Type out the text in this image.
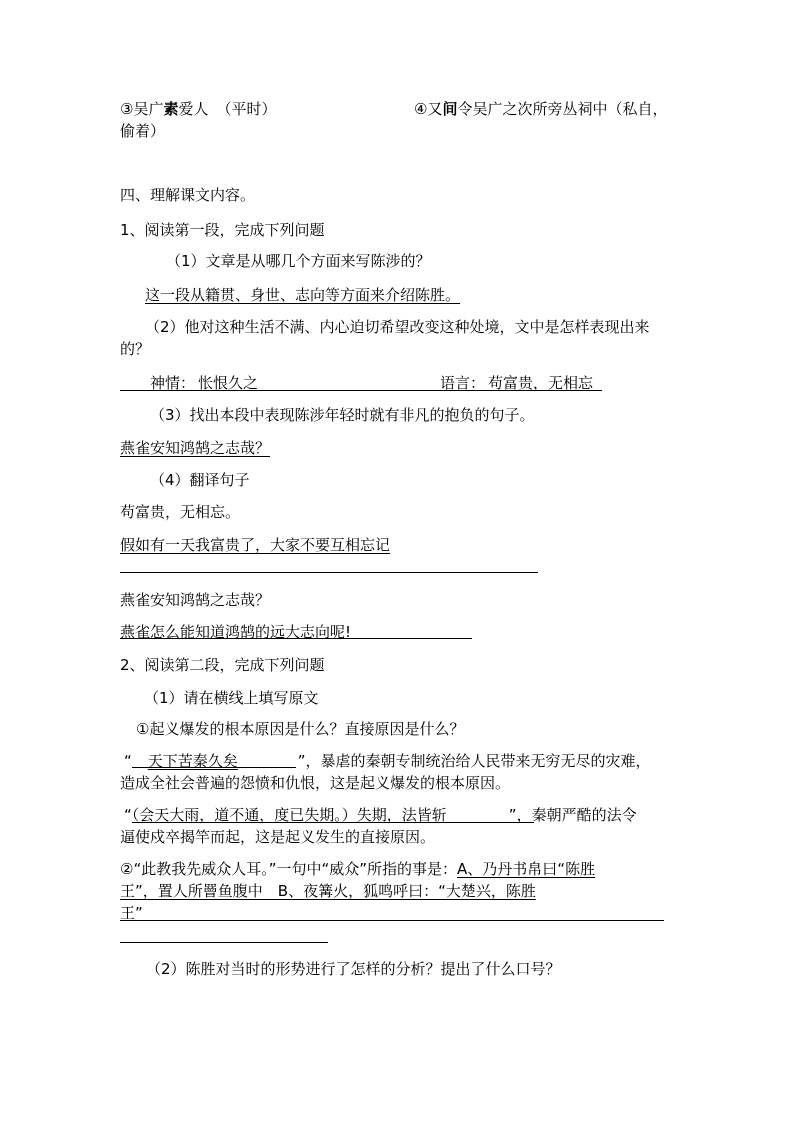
③吴广素爱人 （平时）	④又间令吴广之次所旁丛祠中（私自，
偷着）
四、理解课文内容。
1、阅读第一段，完成下列问题
（1）文章是从哪几个方面来写陈涉的？
这一段从籍贯、身世、志向等方面来介绍陈胜。
（2）他对这种生活不满、内心迫切希望改变这种处境，文中是怎样表现出来
的？
神情： 怅恨久之	语言： 苟富贵，无相忘
（3）找出本段中表现陈涉年轻时就有非凡的抱负的句子。
燕雀安知鸿鹄之志哉？
（4）翻译句子
苟富贵，无相忘。
假如有一天我富贵了，大家不要互相忘记
燕雀安知鸿鹄之志哉？
燕雀怎么能知道鸿鹄的远大志向呢!
2、阅读第二段，完成下列问题
（1）请在横线上填写原文
①起义爆发的根本原因是什么？直接原因是什么？
“ 天下苦秦久矣	”，暴虐的秦朝专制统治给人民带来无穷无尽的灾难，
造成全社会普遍的怨愤和仇恨，这是起义爆发的根本原因。
“（会天大雨，道不通，度已失期。）失期，法皆斩	”，秦朝严酷的法令
逼使戍卒揭竿而起，这是起义发生的直接原因。
②“此教我先威众人耳。”一句中“威众”所指的事是：A、乃丹书帛曰“陈胜
王”，置人所罾鱼腹中　B、夜篝火，狐鸣呼曰：“大楚兴，陈胜
王”
（2）陈胜对当时的形势进行了怎样的分析？提出了什么口号？
